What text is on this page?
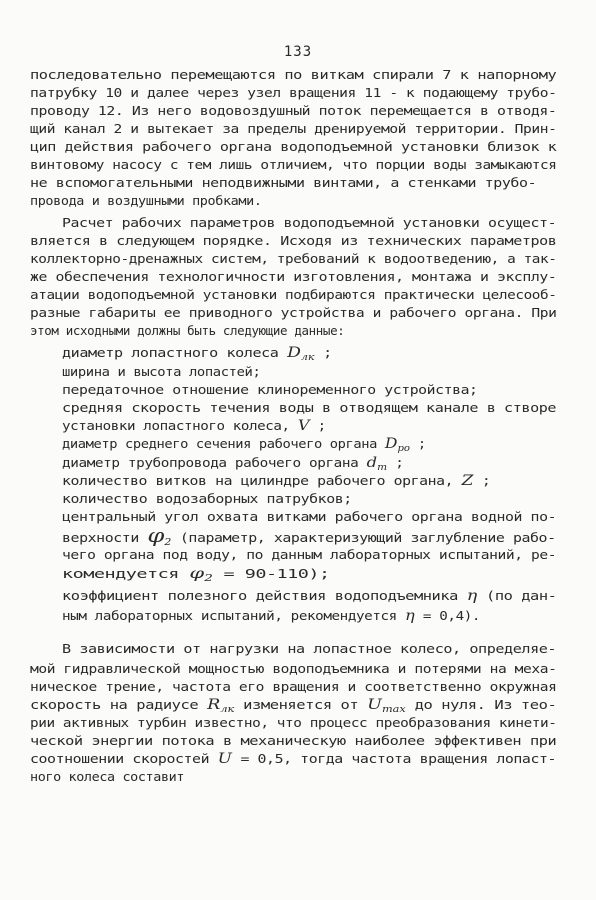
133
последовательно перемещаются по виткам спирали 7 к напорному
патрубку 10 и далее через узел вращения 11 - к подающему трубо-
проводу 12. Из него водовоздушный поток перемещается в отводя-
щий канал 2 и вытекает за пределы дренируемой территории. Прин-
цип действия рабочего органа водоподъемной установки близок к
винтовому насосу с тем лишь отличием, что порции воды замыкаются
не вспомогательными неподвижными винтами, а стенками трубо-
провода и воздушными пробками.
Расчет рабочих параметров водоподъемной установки осущест-
вляется в следующем порядке. Исходя из технических параметров
коллекторно-дренажных систем, требований к водоотведению, а так-
же обеспечения технологичности изготовления, монтажа и эксплу-
атации водоподъемной установки подбираются практически целесооб-
разные габариты ее приводного устройства и рабочего органа. При
этом исходными должны быть следующие данные:
диаметр лопастного колеса $D_{лк}$ ;
ширина и высота лопастей;
передаточное отношение клиноременного устройства;
средняя скорость течения воды в отводящем канале в створе
установки лопастного колеса, V ;
диаметр среднего сечения рабочего органа $D_{ро}$ ;
диаметр трубопровода рабочего органа $d_т$ ;
количество витков на цилиндре рабочего органа, Z ;
количество водозаборных патрубков;
центральный угол охвата витками рабочего органа водной по-
верхности $\varphi_2$ (параметр, характеризующий заглубление рабо-
чего органа под воду, по данным лабораторных испытаний, ре-
комендуется $\varphi_2 = 90-110$);
коэффициент полезного действия водоподъемника η (по дан-
ным лабораторных испытаний, рекомендуется η = 0,4).
В зависимости от нагрузки на лопастное колесо, определяе-
мой гидравлической мощностью водоподъемника и потерями на меха-
ническое трение, частота его вращения и соответственно окружная
скорость на радиусе $R_{лк}$ изменяется от $U_{max}$ до нуля. Из тео-
рии активных турбин известно, что процесс преобразования кинети-
ческой энергии потока в механическую наиболее эффективен при
соотношении скоростей U = 0,5, тогда частота вращения лопаст-
ного колеса составит
